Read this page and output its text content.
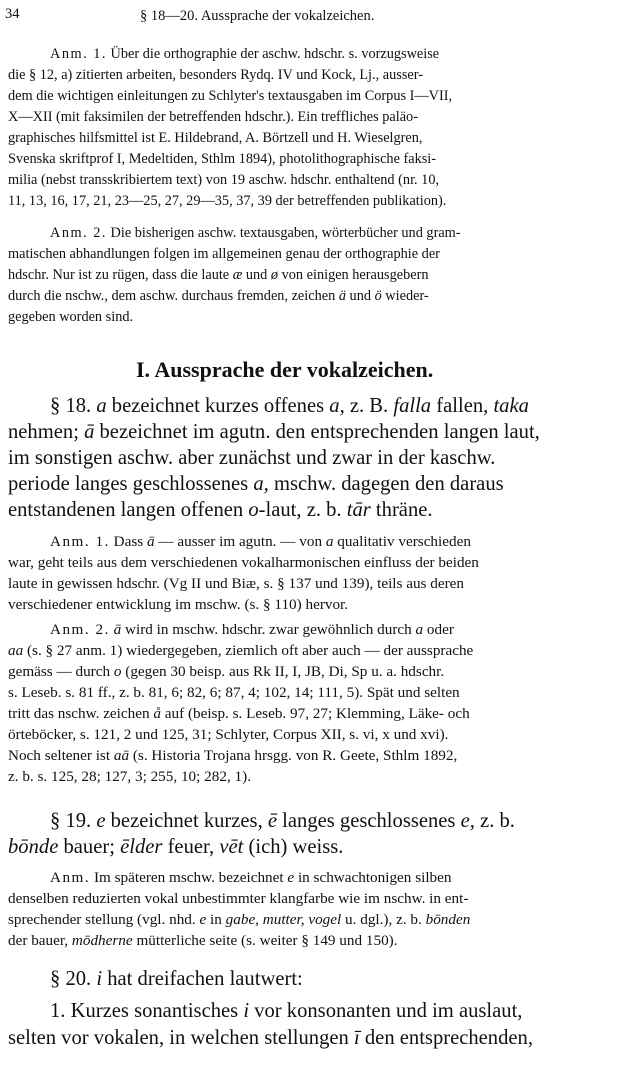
34	§ 18—20. Aussprache der vokalzeichen.
Anm. 1. Über die orthographie der aschw. hdschr. s. vorzugsweise
die § 12, a) zitierten arbeiten, besonders Rydq. IV und Kock, Lj., ausser-
dem die wichtigen einleitungen zu Schlyter's textausgaben im Corpus I—VII,
X—XII (mit faksimilen der betreffenden hdschr.). Ein treffliches paläo-
graphisches hilfsmittel ist E. Hildebrand, A. Börtzell und H. Wieselgren,
Svenska skriftprof I, Medeltiden, Sthlm 1894), photolithographische faksi-
milia (nebst transskribiertem text) von 19 aschw. hdschr. enthaltend (nr. 10,
11, 13, 16, 17, 21, 23—25, 27, 29—35, 37, 39 der betreffenden publikation).
Anm. 2. Die bisherigen aschw. textausgaben, wörterbücher und gram-
matischen abhandlungen folgen im allgemeinen genau der orthographie der
hdschr. Nur ist zu rügen, dass die laute æ und ø von einigen herausgebern
durch die nschw., dem aschw. durchaus fremden, zeichen ä und ö wieder-
gegeben worden sind.
I. Aussprache der vokalzeichen.
§ 18. a bezeichnet kurzes offenes a, z. B. falla fallen, taka
nehmen; ā bezeichnet im agutn. den entsprechenden langen laut,
im sonstigen aschw. aber zunächst und zwar in der kaschw.
periode langes geschlossenes a, mschw. dagegen den daraus
entstandenen langen offenen o-laut, z. b. tār thräne.
Anm. 1. Dass ā — ausser im agutn. — von a qualitativ verschieden
war, geht teils aus dem verschiedenen vokalharmonischen einfluss der beiden
laute in gewissen hdschr. (Vg II und Biæ, s. § 137 und 139), teils aus deren
verschiedener entwicklung im mschw. (s. § 110) hervor.
Anm. 2. ā wird in mschw. hdschr. zwar gewöhnlich durch a oder
aa (s. § 27 anm. 1) wiedergegeben, ziemlich oft aber auch — der aussprache
gemäss — durch o (gegen 30 beisp. aus Rk II, I, JB, Di, Sp u. a. hdschr.
s. Leseb. s. 81 ff., z. b. 81, 6; 82, 6; 87, 4; 102, 14; 111, 5). Spät und selten
tritt das nschw. zeichen å auf (beisp. s. Leseb. 97, 27; Klemming, Läke- och
örteböcker, s. 121, 2 und 125, 31; Schlyter, Corpus XII, s. vi, x und xvi).
Noch seltener ist aā (s. Historia Trojana hrsgg. von R. Geete, Sthlm 1892,
z. b. s. 125, 28; 127, 3; 255, 10; 282, 1).
§ 19. e bezeichnet kurzes, ē langes geschlossenes e, z. b.
bōnde bauer; ēlder feuer, vēt (ich) weiss.
Anm. Im späteren mschw. bezeichnet e in schwachtonigen silben
denselben reduzierten vokal unbestimmter klangfarbe wie im nschw. in ent-
sprechender stellung (vgl. nhd. e in gabe, mutter, vogel u. dgl.), z. b. bōnden
der bauer, mōdherne mütterliche seite (s. weiter § 149 und 150).
§ 20. i hat dreifachen lautwert:
1. Kurzes sonantisches i vor konsonanten und im auslaut,
selten vor vokalen, in welchen stellungen ī den entsprechenden,
